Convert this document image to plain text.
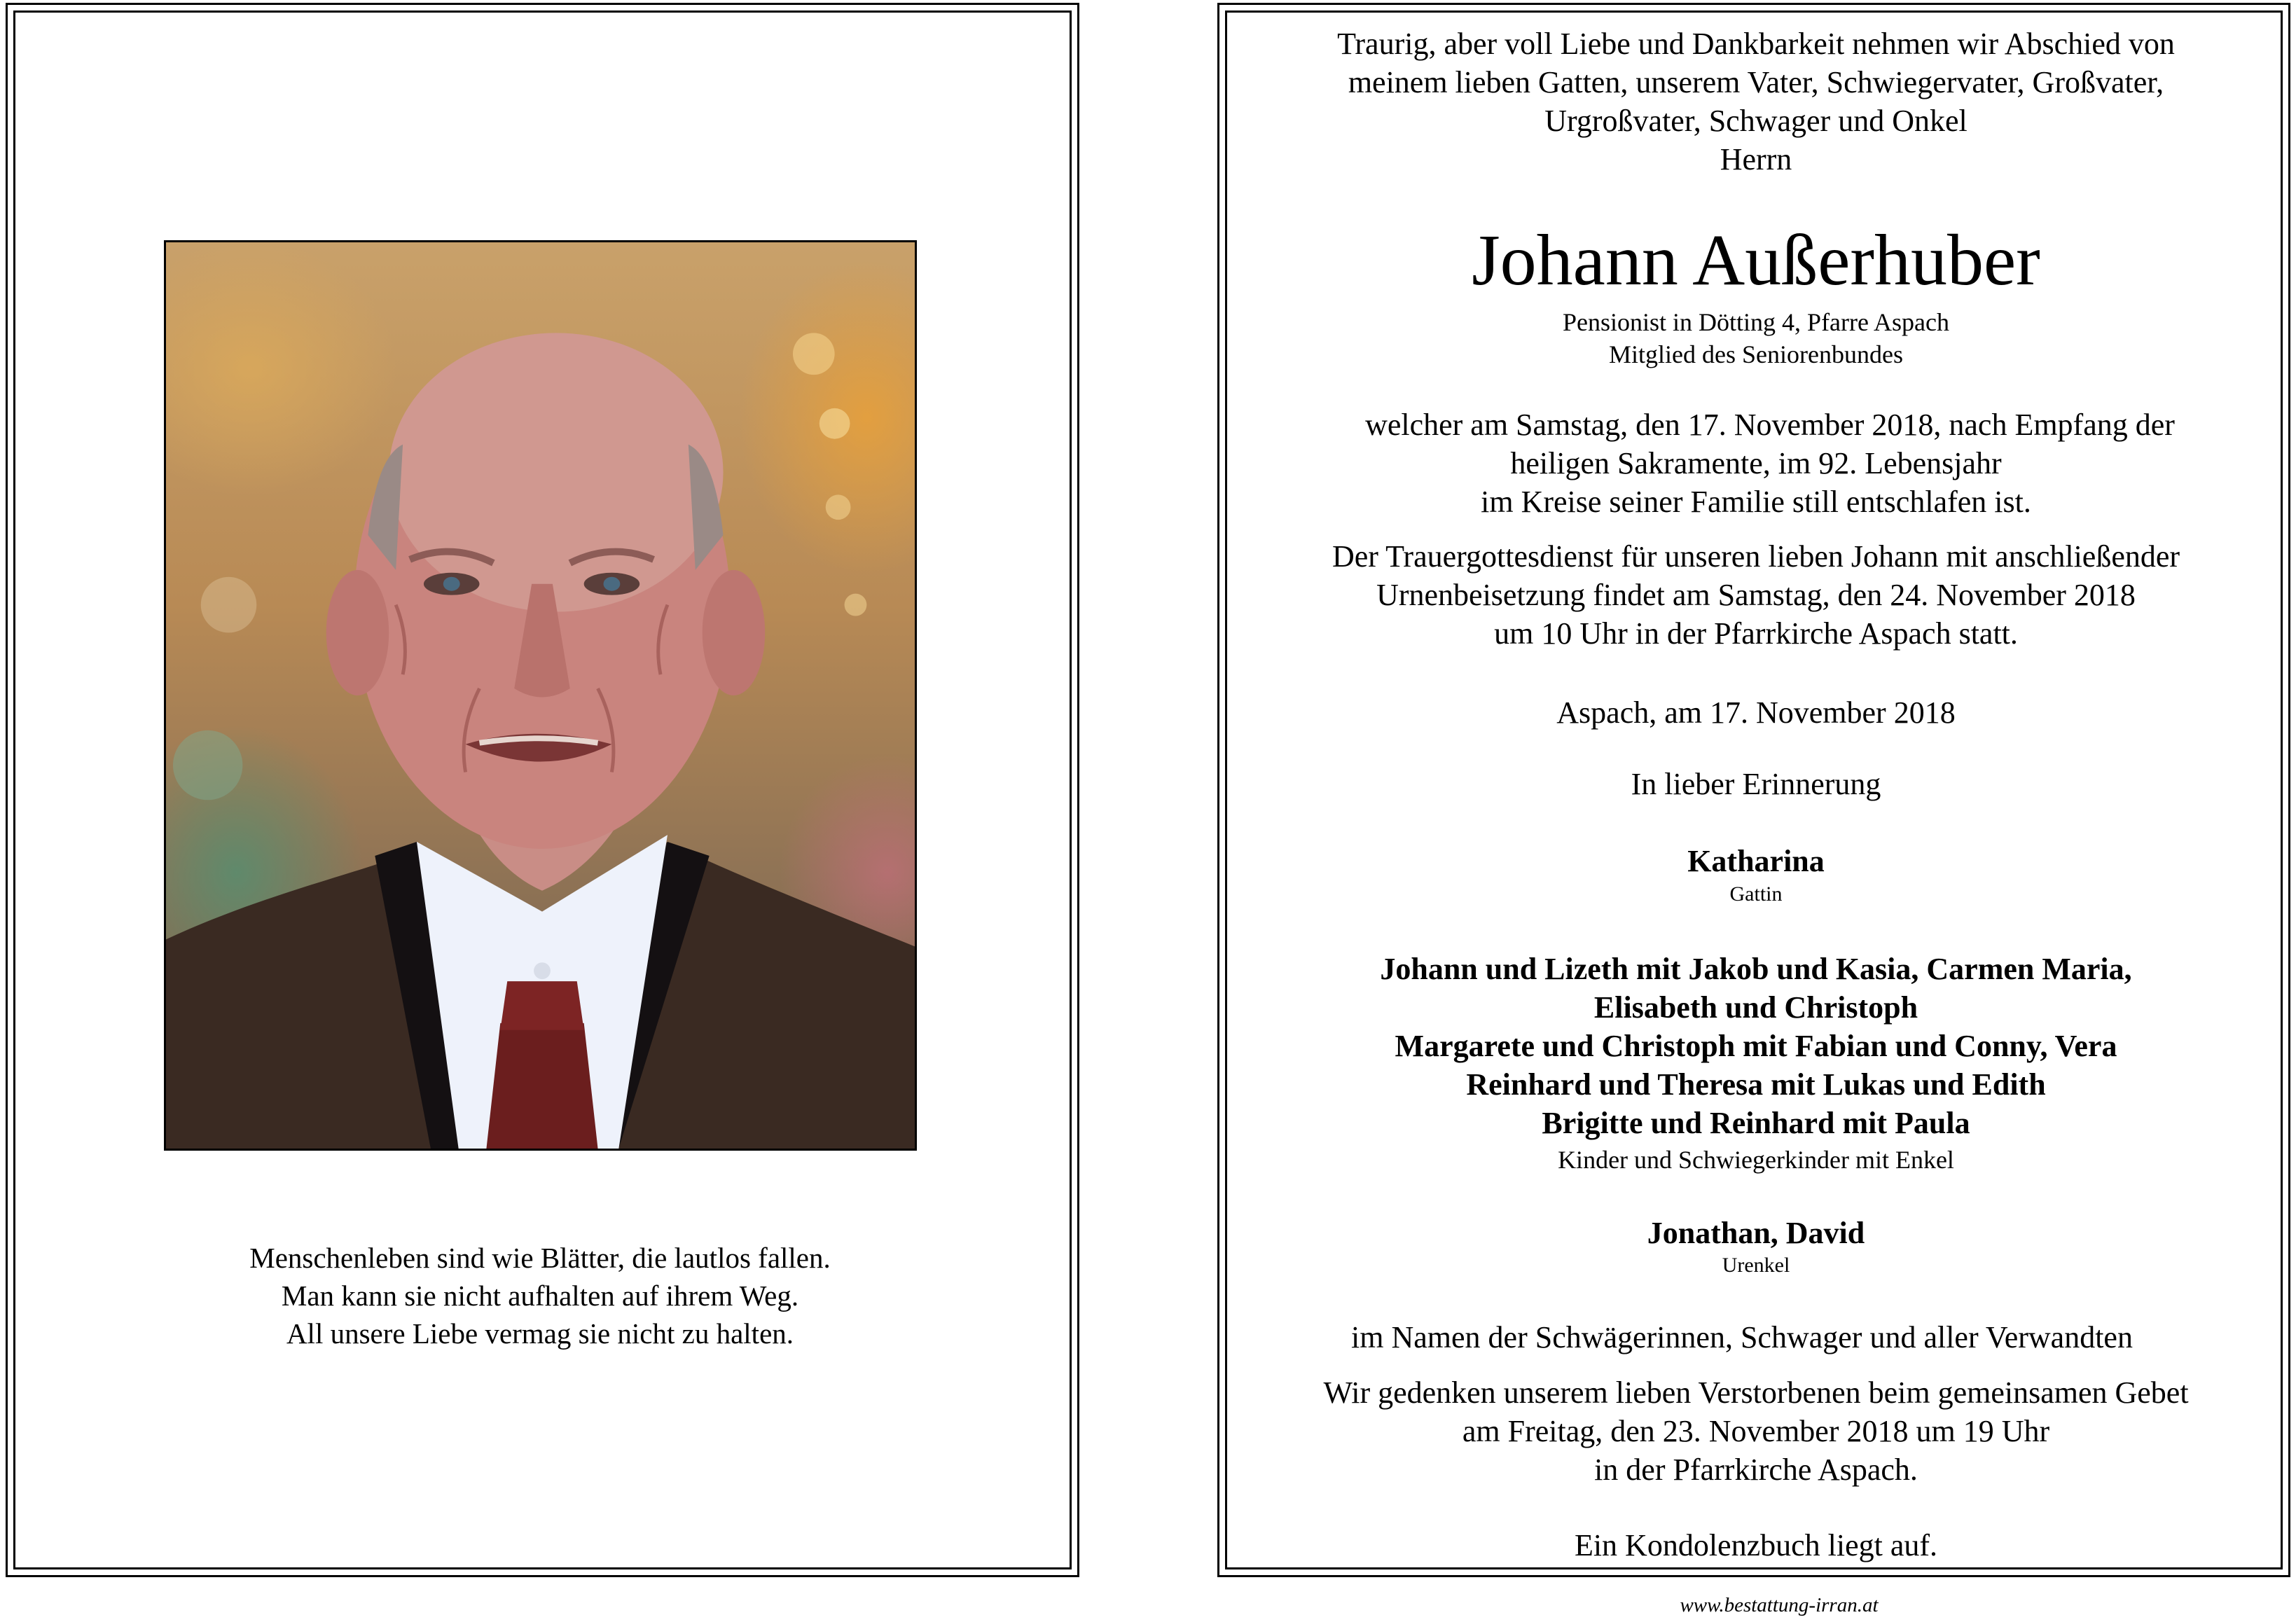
Menschenleben sind wie Blätter, die lautlos fallen.
Man kann sie nicht aufhalten auf ihrem Weg.
All unsere Liebe vermag sie nicht zu halten.
Traurig, aber voll Liebe und Dankbarkeit nehmen wir Abschied von
meinem lieben Gatten, unserem Vater, Schwiegervater, Großvater,
Urgroßvater, Schwager und Onkel
Herrn
Johann Außerhuber
Pensionist in Dötting 4, Pfarre Aspach
Mitglied des Seniorenbundes
welcher am Samstag, den 17. November 2018, nach Empfang der
heiligen Sakramente, im 92. Lebensjahr
im Kreise seiner Familie still entschlafen ist.
Der Trauergottesdienst für unseren lieben Johann mit anschließender
Urnenbeisetzung findet am Samstag, den 24. November 2018
um 10 Uhr in der Pfarrkirche Aspach statt.
Aspach, am 17. November 2018
In lieber Erinnerung
Katharina
Gattin
Johann und Lizeth mit Jakob und Kasia, Carmen Maria,
Elisabeth und Christoph
Margarete und Christoph mit Fabian und Conny, Vera
Reinhard und Theresa mit Lukas und Edith
Brigitte und Reinhard mit Paula
Kinder und Schwiegerkinder mit Enkel
Jonathan, David
Urenkel
im Namen der Schwägerinnen, Schwager und aller Verwandten
Wir gedenken unserem lieben Verstorbenen beim gemeinsamen Gebet
am Freitag, den 23. November 2018 um 19 Uhr
in der Pfarrkirche Aspach.
Ein Kondolenzbuch liegt auf.
www.bestattung-irran.at
